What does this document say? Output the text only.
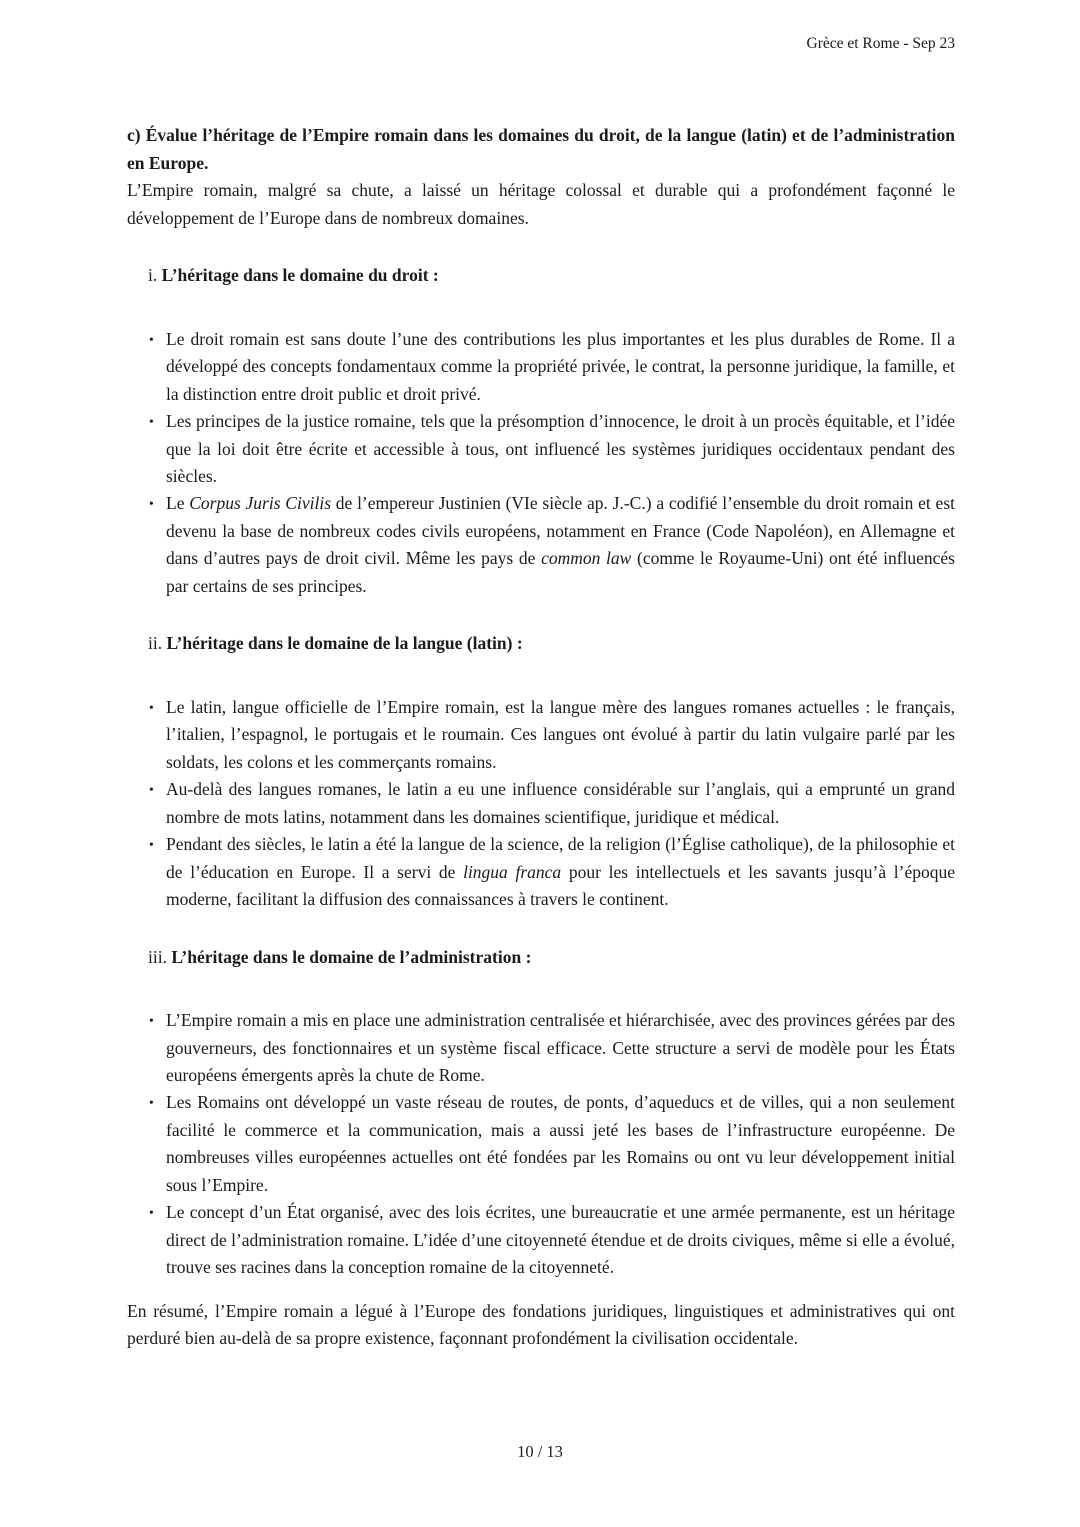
Grèce et Rome - Sep 23

c) Évalue l’héritage de l’Empire romain dans les domaines du droit, de la langue (latin) et de l’administration en Europe.

L’Empire romain, malgré sa chute, a laissé un héritage colossal et durable qui a profondément façonné le développement de l’Europe dans de nombreux domaines.

i. L’héritage dans le domaine du droit :

• Le droit romain est sans doute l’une des contributions les plus importantes et les plus durables de Rome. Il a développé des concepts fondamentaux comme la propriété privée, le contrat, la personne juridique, la famille, et la distinction entre droit public et droit privé.
• Les principes de la justice romaine, tels que la présomption d’innocence, le droit à un procès équitable, et l’idée que la loi doit être écrite et accessible à tous, ont influencé les systèmes juridiques occidentaux pendant des siècles.
• Le Corpus Juris Civilis de l’empereur Justinien (VIe siècle ap. J.-C.) a codifié l’ensemble du droit romain et est devenu la base de nombreux codes civils européens, notamment en France (Code Napoléon), en Allemagne et dans d’autres pays de droit civil. Même les pays de common law (comme le Royaume-Uni) ont été influencés par certains de ses principes.

ii. L’héritage dans le domaine de la langue (latin) :

• Le latin, langue officielle de l’Empire romain, est la langue mère des langues romanes actuelles : le français, l’italien, l’espagnol, le portugais et le roumain. Ces langues ont évolué à partir du latin vulgaire parlé par les soldats, les colons et les commerçants romains.
• Au-delà des langues romanes, le latin a eu une influence considérable sur l’anglais, qui a emprunté un grand nombre de mots latins, notamment dans les domaines scientifique, juridique et médical.
• Pendant des siècles, le latin a été la langue de la science, de la religion (l’Église catholique), de la philosophie et de l’éducation en Europe. Il a servi de lingua franca pour les intellectuels et les savants jusqu’à l’époque moderne, facilitant la diffusion des connaissances à travers le continent.

iii. L’héritage dans le domaine de l’administration :

• L’Empire romain a mis en place une administration centralisée et hiérarchisée, avec des provinces gérées par des gouverneurs, des fonctionnaires et un système fiscal efficace. Cette structure a servi de modèle pour les États européens émergents après la chute de Rome.
• Les Romains ont développé un vaste réseau de routes, de ponts, d’aqueducs et de villes, qui a non seulement facilité le commerce et la communication, mais a aussi jeté les bases de l’infrastructure européenne. De nombreuses villes européennes actuelles ont été fondées par les Romains ou ont vu leur développement initial sous l’Empire.
• Le concept d’un État organisé, avec des lois écrites, une bureaucratie et une armée permanente, est un héritage direct de l’administration romaine. L’idée d’une citoyenneté étendue et de droits civiques, même si elle a évolué, trouve ses racines dans la conception romaine de la citoyenneté.

En résumé, l’Empire romain a légué à l’Europe des fondations juridiques, linguistiques et administratives qui ont perduré bien au-delà de sa propre existence, façonnant profondément la civilisation occidentale.

10 / 13
